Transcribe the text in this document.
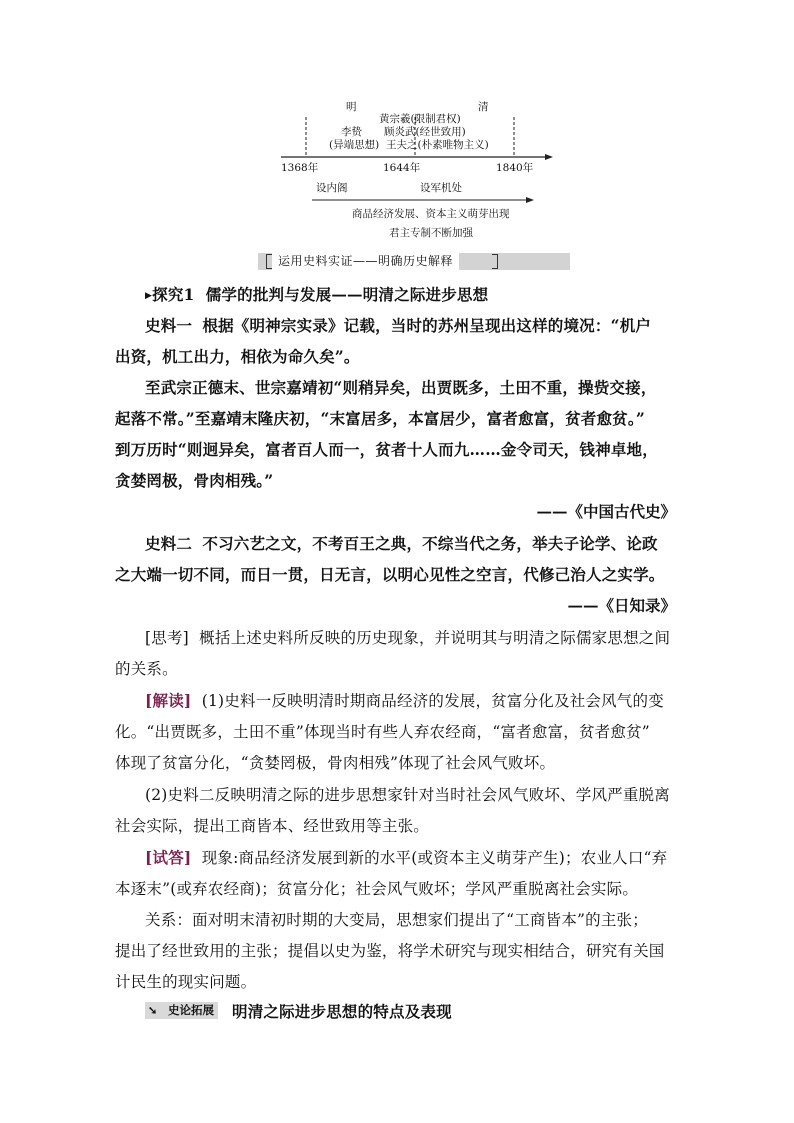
明	清
黄宗羲(限制君权)
顾炎武(经世致用)
李贽
(异端思想) 王夫之(朴素唯物主义)
1368年	1644年	1840年
设内阁	设军机处
商品经济发展、资本主义萌芽出现
君主专制不断加强
运用史料实证——明确历史解释
▶探究1 儒学的批判与发展——明清之际进步思想
史料一 根据《明神宗实录》记载，当时的苏州呈现出这样的境况：“机户
出资，机工出力，相依为命久矣”。
至武宗正德末、世宗嘉靖初“则稍异矣，出贾既多，土田不重，操赀交接，
起落不常。”至嘉靖末隆庆初，“末富居多，本富居少，富者愈富，贫者愈贫。”
到万历时“则迥异矣，富者百人而一，贫者十人而九……金令司天，钱神卓地，
贪婪罔极，骨肉相残。”
——《中国古代史》
史料二 不习六艺之文，不考百王之典，不综当代之务，举夫子论学、论政
之大端一切不同，而日一贯，日无言，以明心见性之空言，代修己治人之实学。
——《日知录》
[思考] 概括上述史料所反映的历史现象，并说明其与明清之际儒家思想之间
的关系。
[解读] (1)史料一反映明清时期商品经济的发展，贫富分化及社会风气的变
化。“出贾既多，土田不重”体现当时有些人弃农经商，“富者愈富，贫者愈贫”
体现了贫富分化，“贪婪罔极，骨肉相残”体现了社会风气败坏。
(2)史料二反映明清之际的进步思想家针对当时社会风气败坏、学风严重脱离
社会实际，提出工商皆本、经世致用等主张。
[试答] 现象:商品经济发展到新的水平(或资本主义萌芽产生)；农业人口“弃
本逐末”(或弃农经商)；贫富分化；社会风气败坏；学风严重脱离社会实际。
关系：面对明末清初时期的大变局，思想家们提出了“工商皆本”的主张；
提出了经世致用的主张；提倡以史为鉴，将学术研究与现实相结合，研究有关国
计民生的现实问题。
➘ 史论拓展 明清之际进步思想的特点及表现
